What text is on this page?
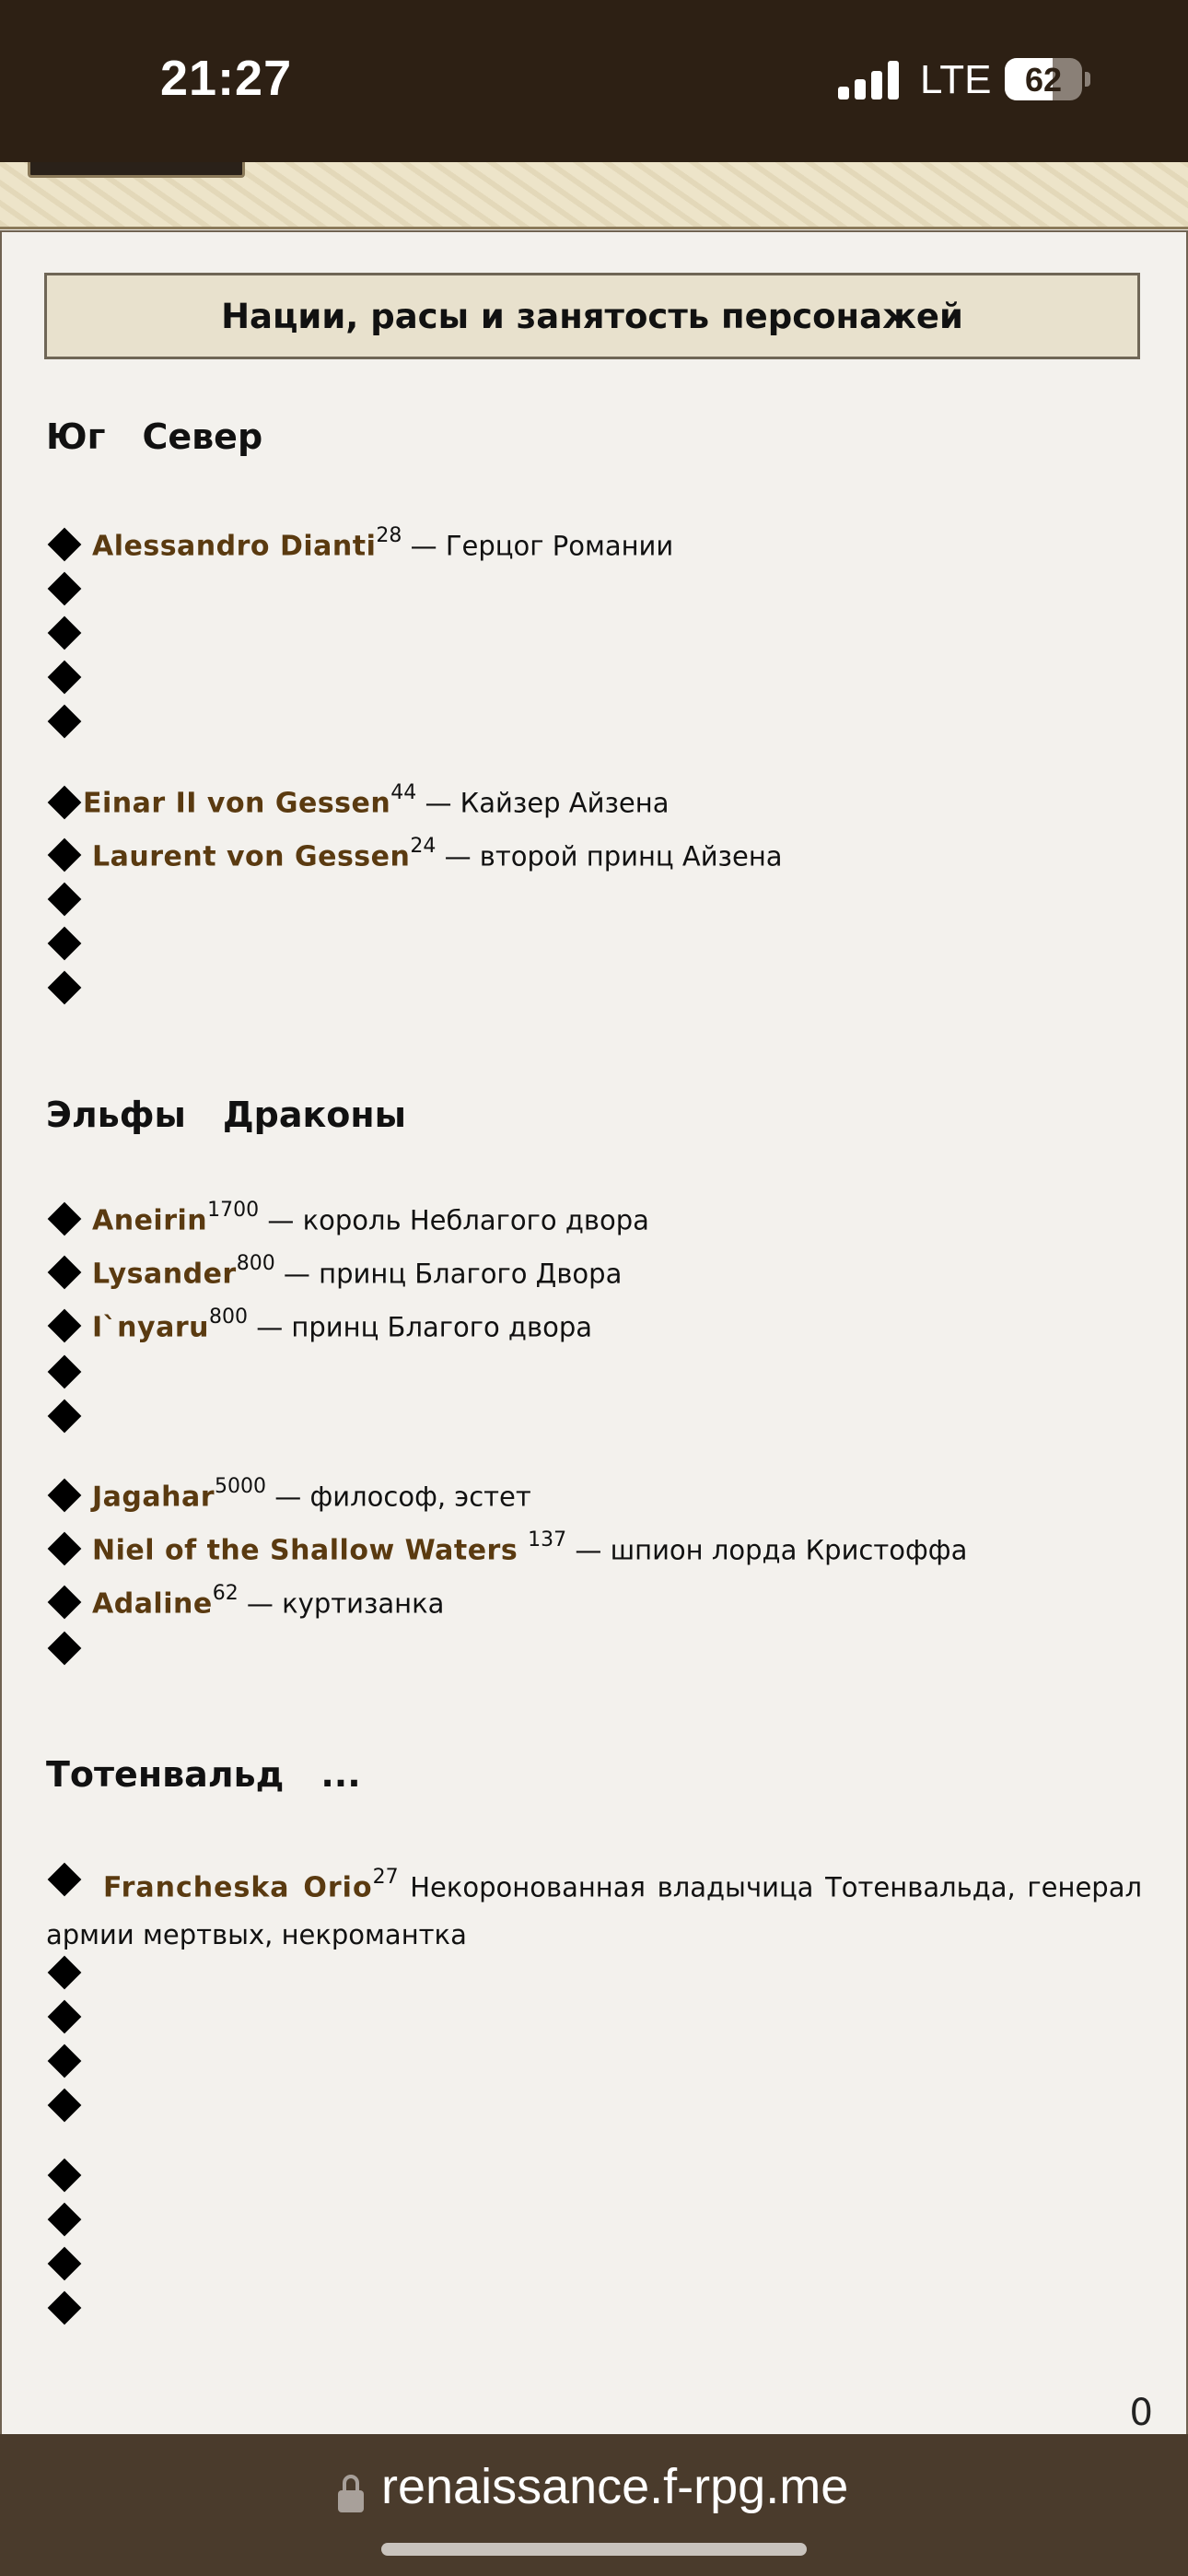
21:27	LTE	62
Нации, расы и занятость персонажей
Юг Север
Alessandro Dianti$^{28}$ — Герцог Романии
Einar II von Gessen$^{44}$ — Кайзер Айзена
Laurent von Gessen$^{24}$ — второй принц Айзена
Эльфы Драконы
Aneirin$^{1700}$ — король Неблагого двора
Lysander$^{800}$ — принц Благого Двора
I`nyaru$^{800}$ — принц Благого двора
Jagahar$^{5000}$ — философ, эстет
Niel of the Shallow Waters $^{137}$ — шпион лорда Кристоффа
Adaline$^{62}$ — куртизанка
Тотенвальд ...
Francheska Orio$^{27}$ Некоронованная владычица Тотенвальда, генерал армии мертвых, некромантка
0
renaissance.f-rpg.me
